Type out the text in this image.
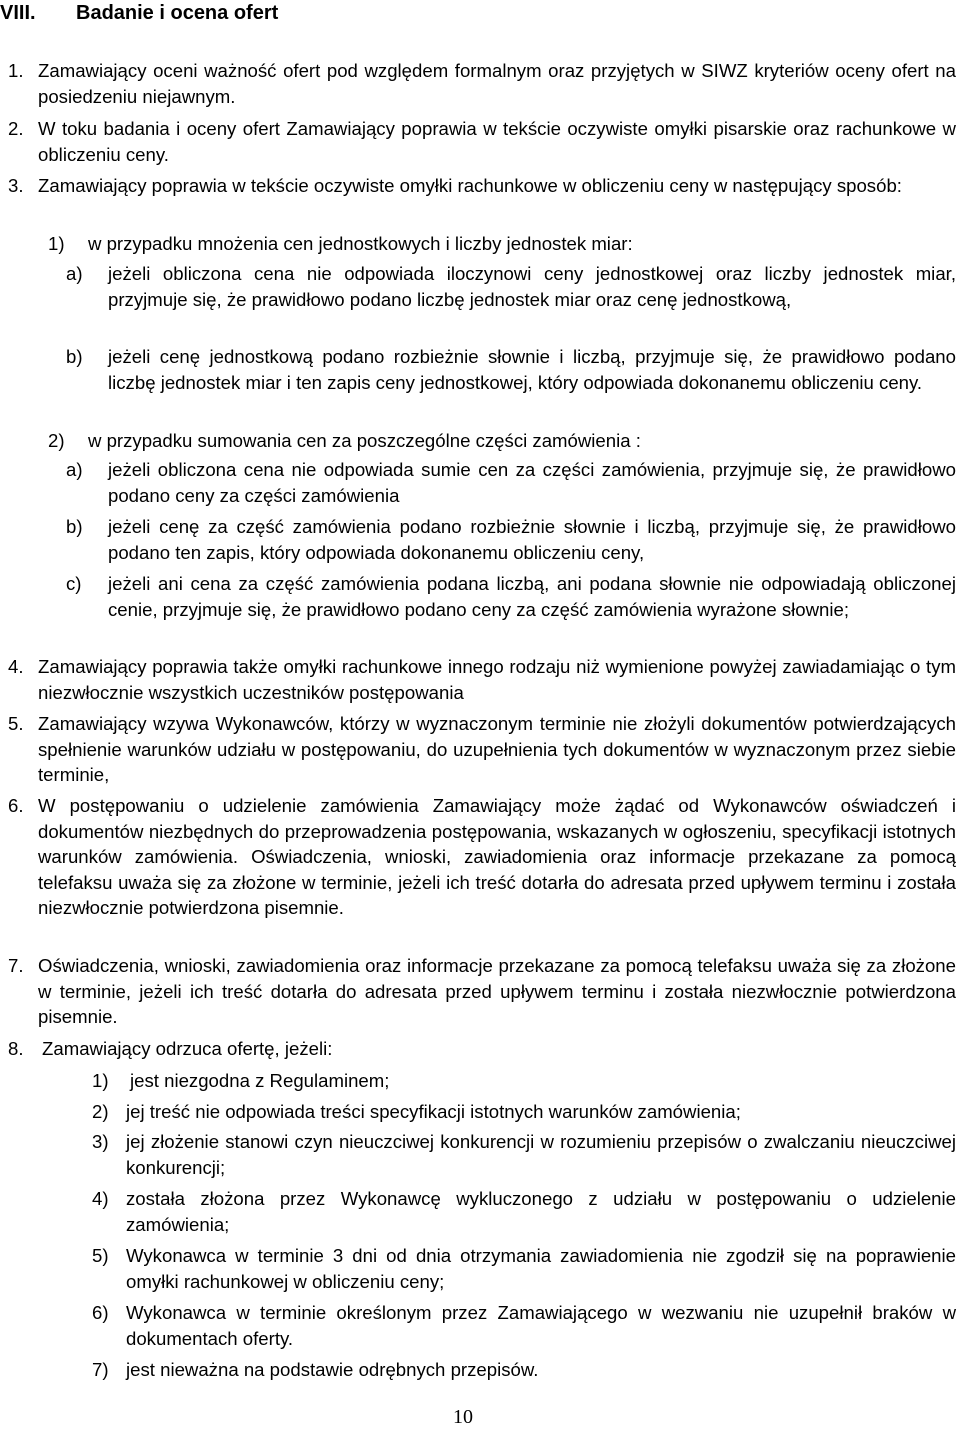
VIII. Badanie i ocena ofert
1. Zamawiający oceni ważność ofert pod względem formalnym oraz przyjętych w SIWZ kryteriów oceny ofert na posiedzeniu niejawnym.
2. W toku badania i oceny ofert Zamawiający poprawia w tekście oczywiste omyłki pisarskie oraz rachunkowe w obliczeniu ceny.
3. Zamawiający poprawia w tekście oczywiste omyłki rachunkowe w obliczeniu ceny w następujący sposób:
1) w przypadku mnożenia cen jednostkowych i liczby jednostek miar:
a) jeżeli obliczona cena nie odpowiada iloczynowi ceny jednostkowej oraz liczby jednostek miar, przyjmuje się, że prawidłowo podano liczbę jednostek miar oraz cenę jednostkową,
b) jeżeli cenę jednostkową podano rozbieżnie słownie i liczbą, przyjmuje się, że prawidłowo podano liczbę jednostek miar i ten zapis ceny jednostkowej, który odpowiada dokonanemu obliczeniu ceny.
2) w przypadku sumowania cen za poszczególne części zamówienia :
a) jeżeli obliczona cena nie odpowiada sumie cen za części zamówienia, przyjmuje się, że prawidłowo podano ceny za części zamówienia
b) jeżeli cenę za część zamówienia podano rozbieżnie słownie i liczbą, przyjmuje się, że prawidłowo podano ten zapis, który odpowiada dokonanemu obliczeniu ceny,
c) jeżeli ani cena za część zamówienia podana liczbą, ani podana słownie nie odpowiadają obliczonej cenie, przyjmuje się, że prawidłowo podano ceny za część zamówienia wyrażone słownie;
4. Zamawiający poprawia także omyłki rachunkowe innego rodzaju niż wymienione powyżej zawiadamiając o tym niezwłocznie wszystkich uczestników postępowania
5. Zamawiający wzywa Wykonawców, którzy w wyznaczonym terminie nie złożyli dokumentów potwierdzających spełnienie warunków udziału w postępowaniu, do uzupełnienia tych dokumentów w wyznaczonym przez siebie terminie,
6. W postępowaniu o udzielenie zamówienia Zamawiający może żądać od Wykonawców oświadczeń i dokumentów niezbędnych do przeprowadzenia postępowania, wskazanych w ogłoszeniu, specyfikacji istotnych warunków zamówienia. Oświadczenia, wnioski, zawiadomienia oraz informacje przekazane za pomocą telefaksu uważa się za złożone w terminie, jeżeli ich treść dotarła do adresata przed upływem terminu i została niezwłocznie potwierdzona pisemnie.
7. Oświadczenia, wnioski, zawiadomienia oraz informacje przekazane za pomocą telefaksu uważa się za złożone w terminie, jeżeli ich treść dotarła do adresata przed upływem terminu i została niezwłocznie potwierdzona pisemnie.
8. Zamawiający odrzuca ofertę, jeżeli:
1) jest niezgodna z Regulaminem;
2) jej treść nie odpowiada treści specyfikacji istotnych warunków zamówienia;
3) jej złożenie stanowi czyn nieuczciwej konkurencji w rozumieniu przepisów o zwalczaniu nieuczciwej konkurencji;
4) została złożona przez Wykonawcę wykluczonego z udziału w postępowaniu o udzielenie zamówienia;
5) Wykonawca w terminie 3 dni od dnia otrzymania zawiadomienia nie zgodził się na poprawienie omyłki rachunkowej w obliczeniu ceny;
6) Wykonawca w terminie określonym przez Zamawiającego w wezwaniu nie uzupełnił braków w dokumentach oferty.
7) jest nieważna na podstawie odrębnych przepisów.
10
